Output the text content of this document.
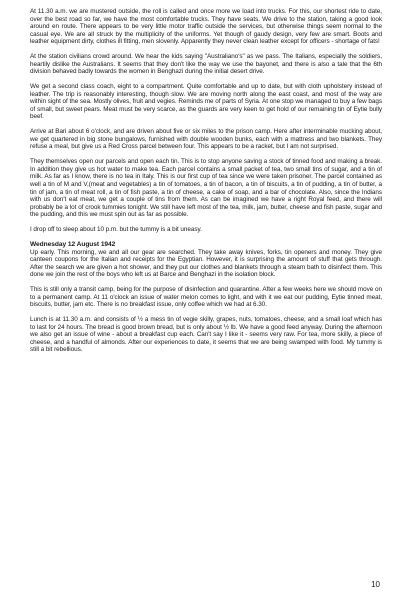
At 11.30 a.m. we are mustered outside, the roll is called and once more we load into trucks. For this, our shortest ride to date, over the best road so far, we have the most comfortable trucks. They have seats. We drive to the station, taking a good look around en route. There appears to be very little motor traffic outside the services, but otherwise things seem normal to the casual eye. We are all struck by the multiplicity of the uniforms. Yet though of gaudy design, very few are smart. Boots and leather equipment dirty, clothes ill fitting, men slovenly. Apparently they never clean leather except for officers - shortage of fats!

At the station civilians crowd around. We hear the kids saying "Australiano's" as we pass. The Italians, especially the soldiers, heartily dislike the Australians. It seems that they don't like the way we use the bayonet, and there is also a tale that the 6th division behaved badly towards the women in Benghazi during the initial desert drive.

We get a second class coach, eight to a compartment. Quite comfortable and up to date, but with cloth upholstery instead of leather. The trip is reasonably interesting, though slow. We are moving north along the east coast, and most of the way are within sight of the sea. Mostly olives, fruit and vegies. Reminds me of parts of Syria. At one stop we managed to buy a few bags of small, but sweet pears. Meat must be very scarce, as the guards are very keen to get hold of our remaining tin of Eytie bully beef.

Arrive at Bari about 6 o'clock, and are driven about five or six miles to the prison camp. Here after interminable mucking about, we get quartered in big stone bungalows, furnished with double wooden bunks, each with a mattress and two blankets. They refuse a meal, but give us a Red Cross parcel between four. This appears to be a racket, but I am not surprised.

They themselves open our parcels and open each tin. This is to stop anyone saving a stock of tinned food and making a break. In addition they give us hot water to make tea. Each parcel contains a small packet of tea, two small tins of sugar, and a tin of milk. As far as I know, there is no tea in Italy. This is our first cup of tea since we were taken prisoner. The parcel contained as well a tin of M and V,(meat and vegetables) a tin of tomatoes, a tin of bacon, a tin of biscuits, a tin of pudding, a tin of butter, a tin of jam, a tin of meat roll, a tin of fish paste, a tin of cheese, a cake of soap, and a bar of chocolate. Also, since the Indians with us don't eat meat, we get a couple of tins from them. As can be imagined we have a right Royal feed, and there will probably be a lot of crook tummies tonight. We still have left most of the tea, milk, jam, butter, cheese and fish paste, sugar and the pudding, and this we must spin out as far as possible.

I drop off to sleep about 10 p.m. but the tummy is a bit uneasy.

Wednesday 12 August 1942

Up early. This morning, we and all our gear are searched. They take away knives, forks, tin openers and money. They give canteen coupons for the Italian and receipts for the Egyptian. However, it is surprising the amount of stuff that gets through. After the search we are given a hot shower, and they put our clothes and blankets through a steam bath to disinfect them. This done we join the rest of the boys who left us at Barce and Benghazi in the isolation block.

This is still only a transit camp, being for the purpose of disinfection and quarantine. After a few weeks here we should move on to a permanent camp. At 11 o'clock an issue of water melon comes to light, and with it we eat our pudding, Eytie tinned meat, biscuits, butter, jam etc. There is no breakfast issue, only coffee which we had at 6.30.

Lunch is at 11.30 a.m. and consists of ½ a mess tin of vegie skilly, grapes, nuts, tomatoes, cheese, and a small loaf which has to last for 24 hours. The bread is good brown bread, but is only about ½ lb. We have a good feed anyway. During the afternoon we also get an issue of wine - about a breakfast cup each. Can't say I like it - seems very raw. For tea, more skilly, a piece of cheese, and a handful of almonds. After our experiences to date, it seems that we are being swamped with food. My tummy is still a bit rebellious.

10
